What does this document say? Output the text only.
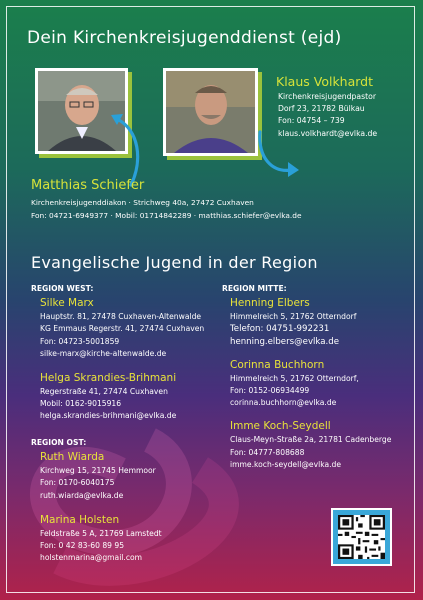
Dein Kirchenkreisjugenddienst (ejd)
Klaus Volkhardt
Kirchenkreisjugendpastor
Dorf 23, 21782 Bülkau
Fon: 04754 – 739
klaus.volkhardt@evlka.de
Matthias Schiefer
Kirchenkreisjugenddiakon · Strichweg 40a, 27472 Cuxhaven
Fon: 04721-6949377 · Mobil: 01714842289 · matthias.schiefer@evlka.de
Evangelische Jugend in der Region
REGION WEST:
Silke Marx
Hauptstr. 81, 27478 Cuxhaven-Altenwalde
KG Emmaus Regerstr. 41, 27474 Cuxhaven
Fon: 04723-5001859
silke-marx@kirche-altenwalde.de
Helga Skrandies-Brihmani
Regerstraße 41, 27474 Cuxhaven
Mobil: 0162-9015916
helga.skrandies-brihmani@evlka.de
REGION OST:
Ruth Wiarda
Kirchweg 15, 21745 Hemmoor
Fon: 0170-6040175
ruth.wiarda@evlka.de
Marina Holsten
Feldstraße 5 A, 21769 Lamstedt
Fon: 0 42 83-60 89 95
holstenmarina@gmail.com
REGION MITTE:
Henning Elbers
Himmelreich 5, 21762 Otterndorf
Telefon: 04751-992231
henning.elbers@evlka.de
Corinna Buchhorn
Himmelreich 5, 21762 Otterndorf,
Fon: 0152-06934499
corinna.buchhorn@evlka.de
Imme Koch-Seydell
Claus-Meyn-Straße 2a, 21781 Cadenberge
Fon: 04777-808688
imme.koch-seydell@evlka.de
